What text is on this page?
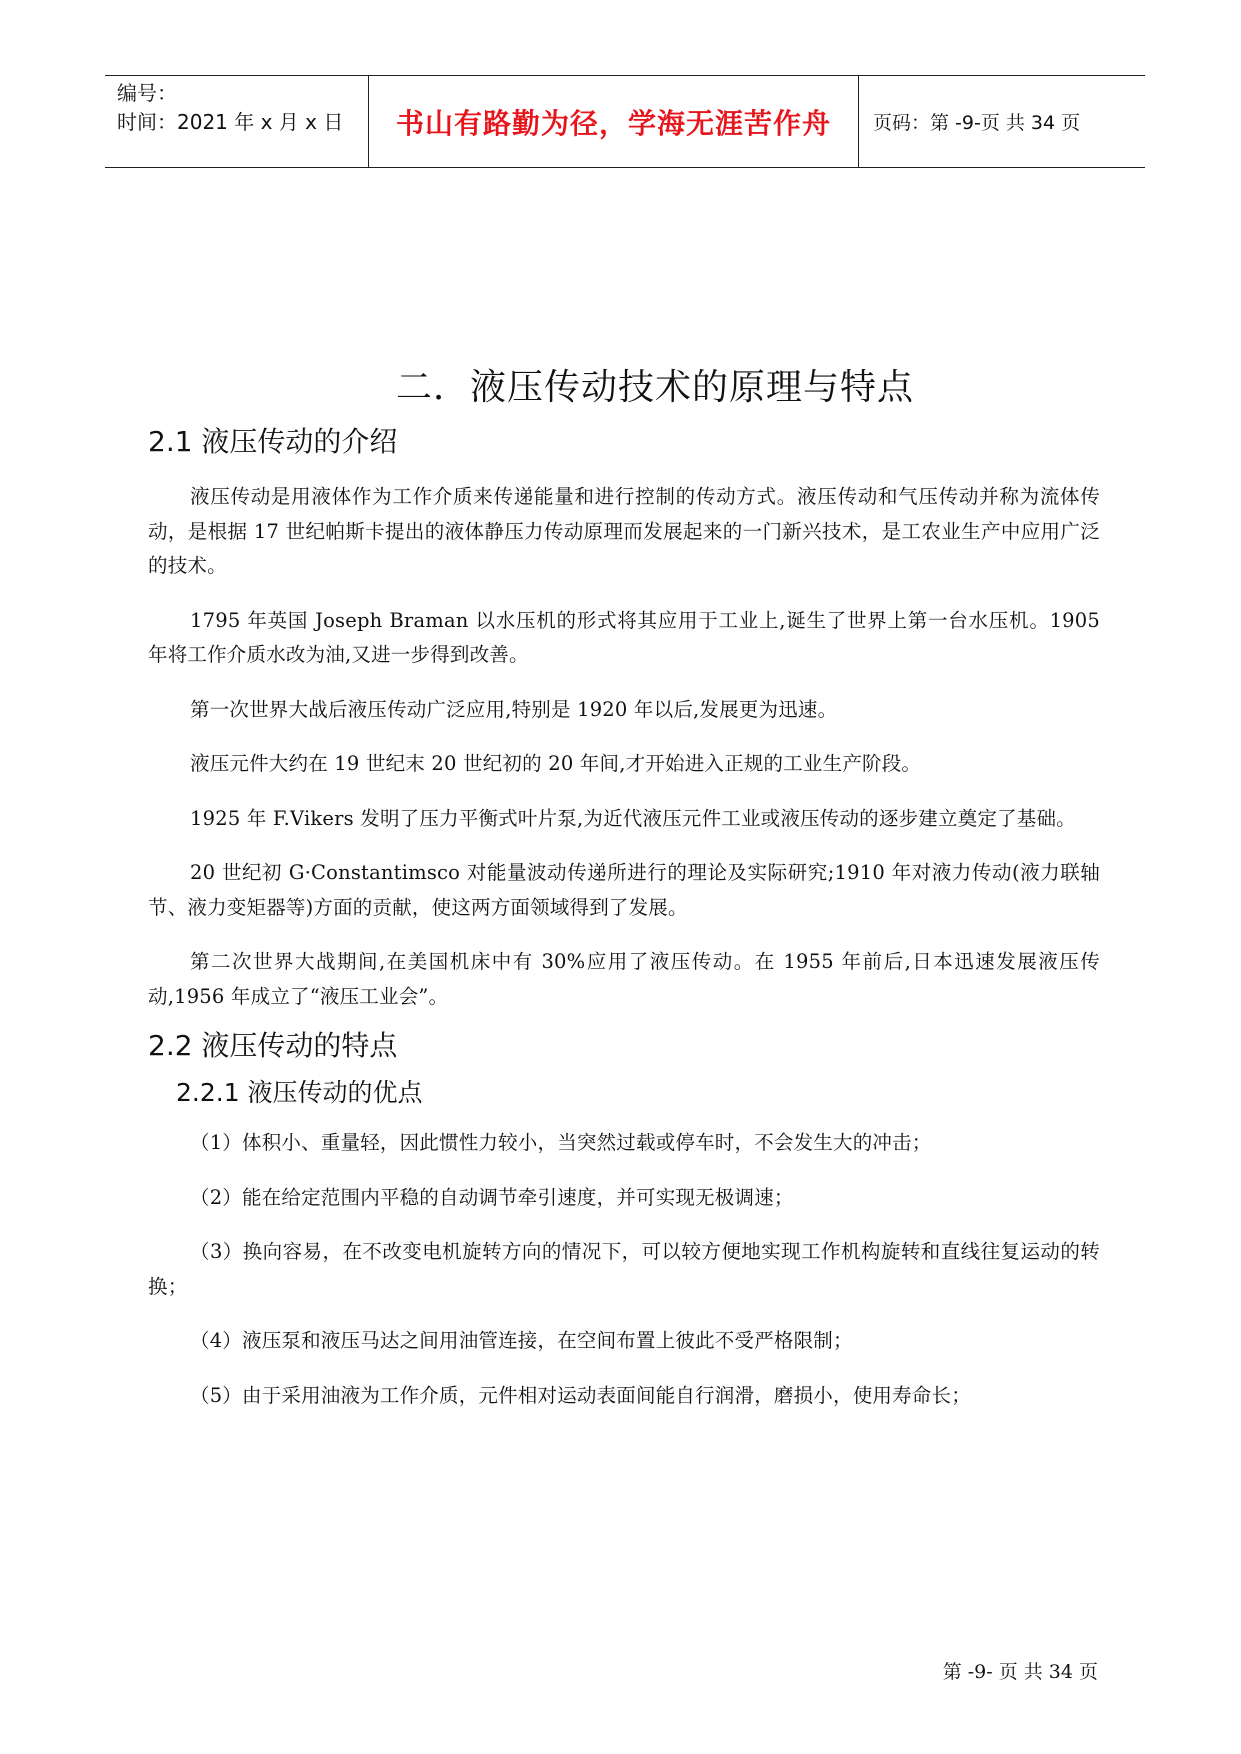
编号：
时间：2021 年 x 月 x 日	书山有路勤为径，学海无涯苦作舟	页码：第 -9-页 共 34 页
二．液压传动技术的原理与特点
2.1 液压传动的介绍

液压传动是用液体作为工作介质来传递能量和进行控制的传动方式。液压传动和气压传动并称为流体传动，是根据 17 世纪帕斯卡提出的液体静压力传动原理而发展起来的一门新兴技术，是工农业生产中应用广泛的技术。

1795 年英国 Joseph Braman 以水压机的形式将其应用于工业上,诞生了世界上第一台水压机。1905 年将工作介质水改为油,又进一步得到改善。

第一次世界大战后液压传动广泛应用,特别是 1920 年以后,发展更为迅速。

液压元件大约在 19 世纪末 20 世纪初的 20 年间,才开始进入正规的工业生产阶段。

1925 年 F.Vikers 发明了压力平衡式叶片泵,为近代液压元件工业或液压传动的逐步建立奠定了基础。

20 世纪初 G·Constantimsco 对能量波动传递所进行的理论及实际研究;1910 年对液力传动(液力联轴节、液力变矩器等)方面的贡献，使这两方面领域得到了发展。

第二次世界大战期间,在美国机床中有 30%应用了液压传动。在 1955 年前后,日本迅速发展液压传动,1956 年成立了“液压工业会”。

2.2 液压传动的特点
2.2.1 液压传动的优点

（1）体积小、重量轻，因此惯性力较小，当突然过载或停车时，不会发生大的冲击；

（2）能在给定范围内平稳的自动调节牵引速度，并可实现无极调速；

（3）换向容易，在不改变电机旋转方向的情况下，可以较方便地实现工作机构旋转和直线往复运动的转换；

（4）液压泵和液压马达之间用油管连接，在空间布置上彼此不受严格限制；

（5）由于采用油液为工作介质，元件相对运动表面间能自行润滑，磨损小，使用寿命长；

第 -9- 页 共 34 页
